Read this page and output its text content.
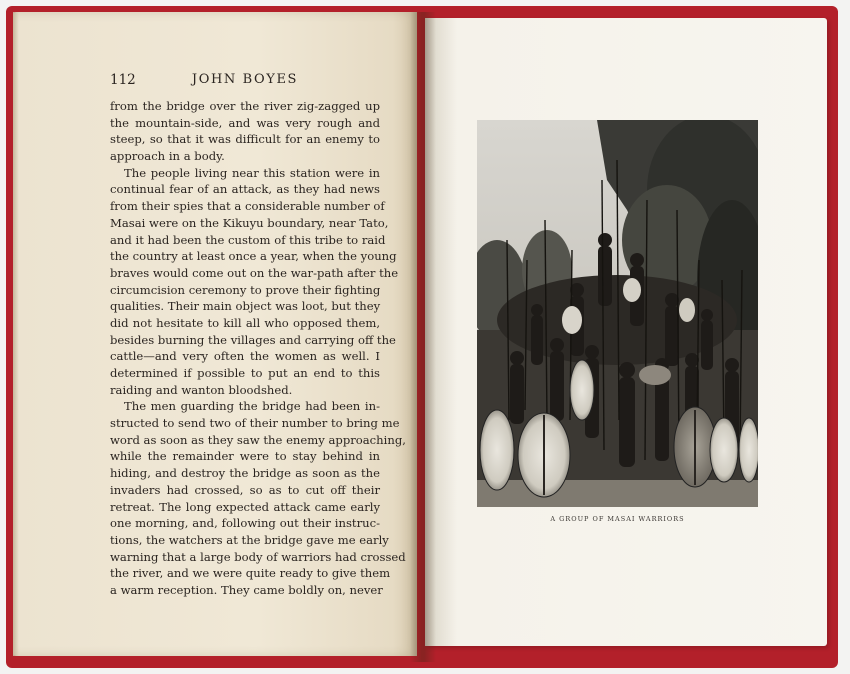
112	JOHN BOYES
from the bridge over the river zig-zagged up
the mountain-side, and was very rough and
steep, so that it was difficult for an enemy to
approach in a body.
The people living near this station were in
continual fear of an attack, as they had news
from their spies that a considerable number of
Masai were on the Kikuyu boundary, near Tato,
and it had been the custom of this tribe to raid
the country at least once a year, when the young
braves would come out on the war-path after the
circumcision ceremony to prove their fighting
qualities. Their main object was loot, but they
did not hesitate to kill all who opposed them,
besides burning the villages and carrying off the
cattle—and very often the women as well. I
determined if possible to put an end to this
raiding and wanton bloodshed.
The men guarding the bridge had been in-
structed to send two of their number to bring me
word as soon as they saw the enemy approaching,
while the remainder were to stay behind in
hiding, and destroy the bridge as soon as the
invaders had crossed, so as to cut off their
retreat. The long expected attack came early
one morning, and, following out their instruc-
tions, the watchers at the bridge gave me early
warning that a large body of warriors had crossed
the river, and we were quite ready to give them
a warm reception. They came boldly on, never
A GROUP OF MASAI WARRIORS
